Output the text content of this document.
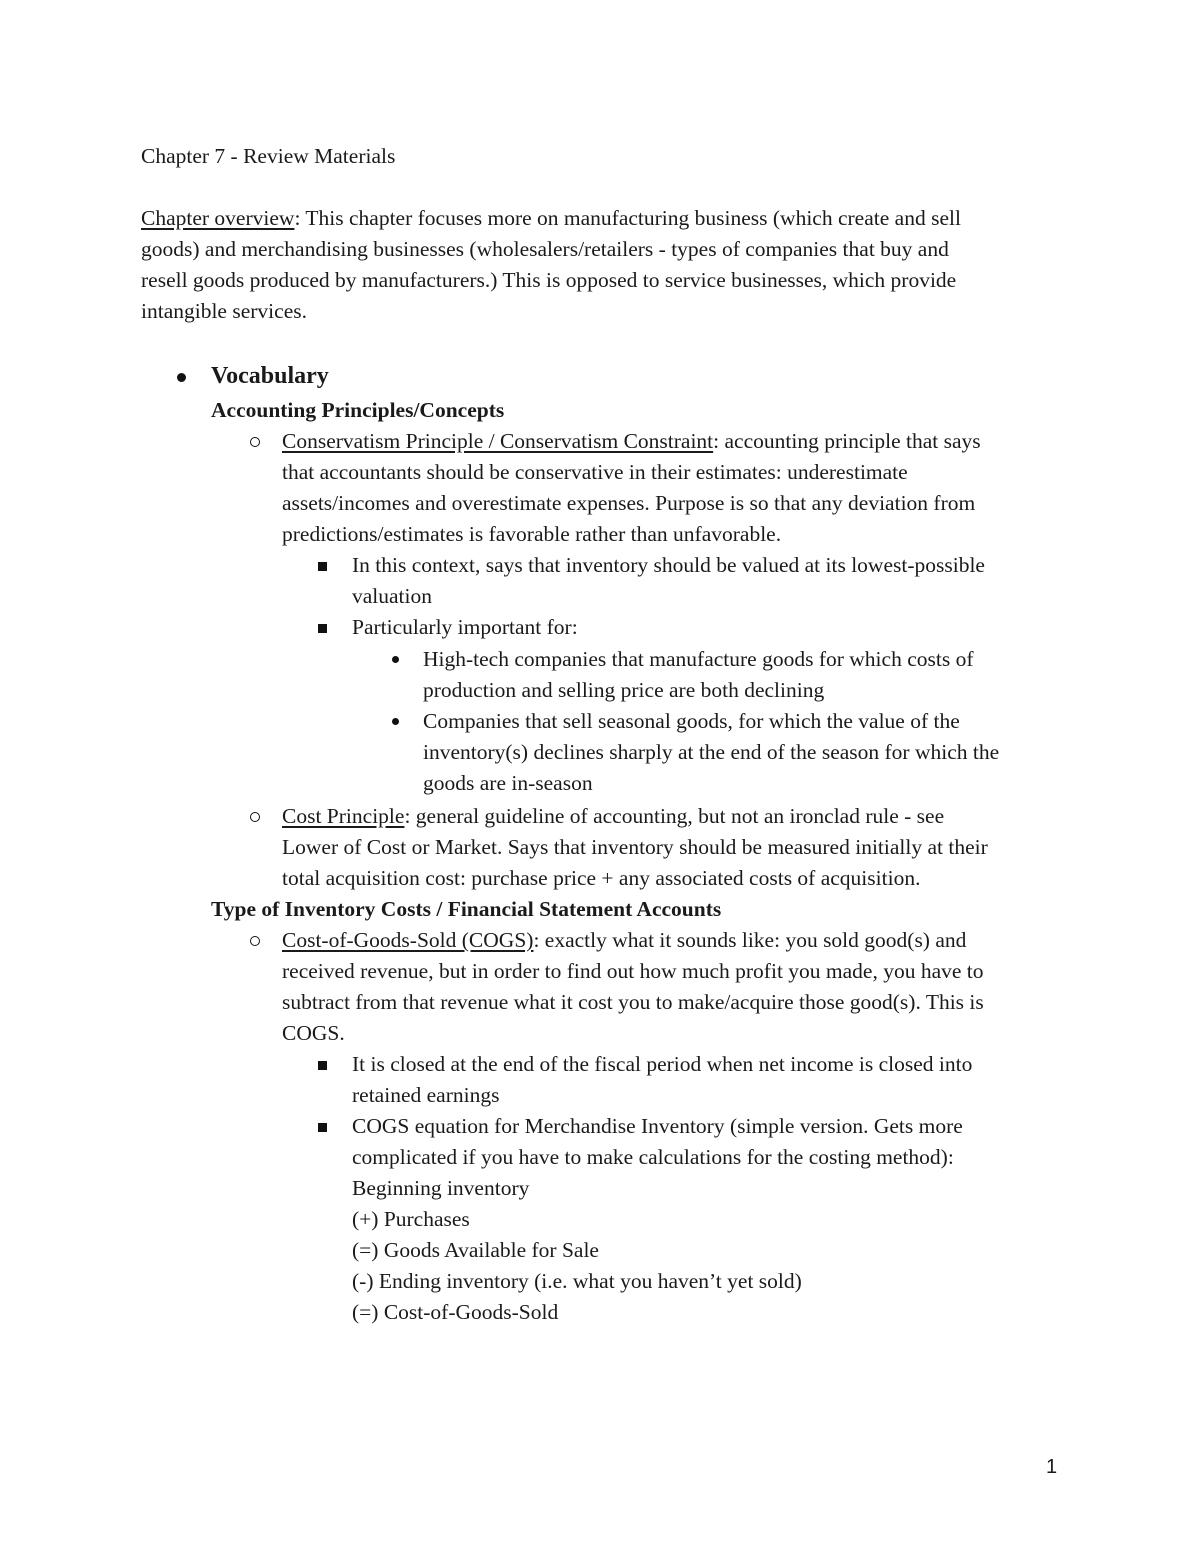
Chapter 7 - Review Materials
Chapter overview: This chapter focuses more on manufacturing business (which create and sell
goods) and merchandising businesses (wholesalers/retailers - types of companies that buy and
resell goods produced by manufacturers.) This is opposed to service businesses, which provide
intangible services.
Vocabulary
Accounting Principles/Concepts
Conservatism Principle / Conservatism Constraint: accounting principle that says
that accountants should be conservative in their estimates: underestimate
assets/incomes and overestimate expenses. Purpose is so that any deviation from
predictions/estimates is favorable rather than unfavorable.
In this context, says that inventory should be valued at its lowest-possible
valuation
Particularly important for:
High-tech companies that manufacture goods for which costs of
production and selling price are both declining
Companies that sell seasonal goods, for which the value of the
inventory(s) declines sharply at the end of the season for which the
goods are in-season
Cost Principle: general guideline of accounting, but not an ironclad rule - see
Lower of Cost or Market. Says that inventory should be measured initially at their
total acquisition cost: purchase price + any associated costs of acquisition.
Type of Inventory Costs / Financial Statement Accounts
Cost-of-Goods-Sold (COGS): exactly what it sounds like: you sold good(s) and
received revenue, but in order to find out how much profit you made, you have to
subtract from that revenue what it cost you to make/acquire those good(s). This is
COGS.
It is closed at the end of the fiscal period when net income is closed into
retained earnings
COGS equation for Merchandise Inventory (simple version. Gets more
complicated if you have to make calculations for the costing method):
Beginning inventory
(+) Purchases
(=) Goods Available for Sale
(-) Ending inventory (i.e. what you haven’t yet sold)
(=) Cost-of-Goods-Sold
1
